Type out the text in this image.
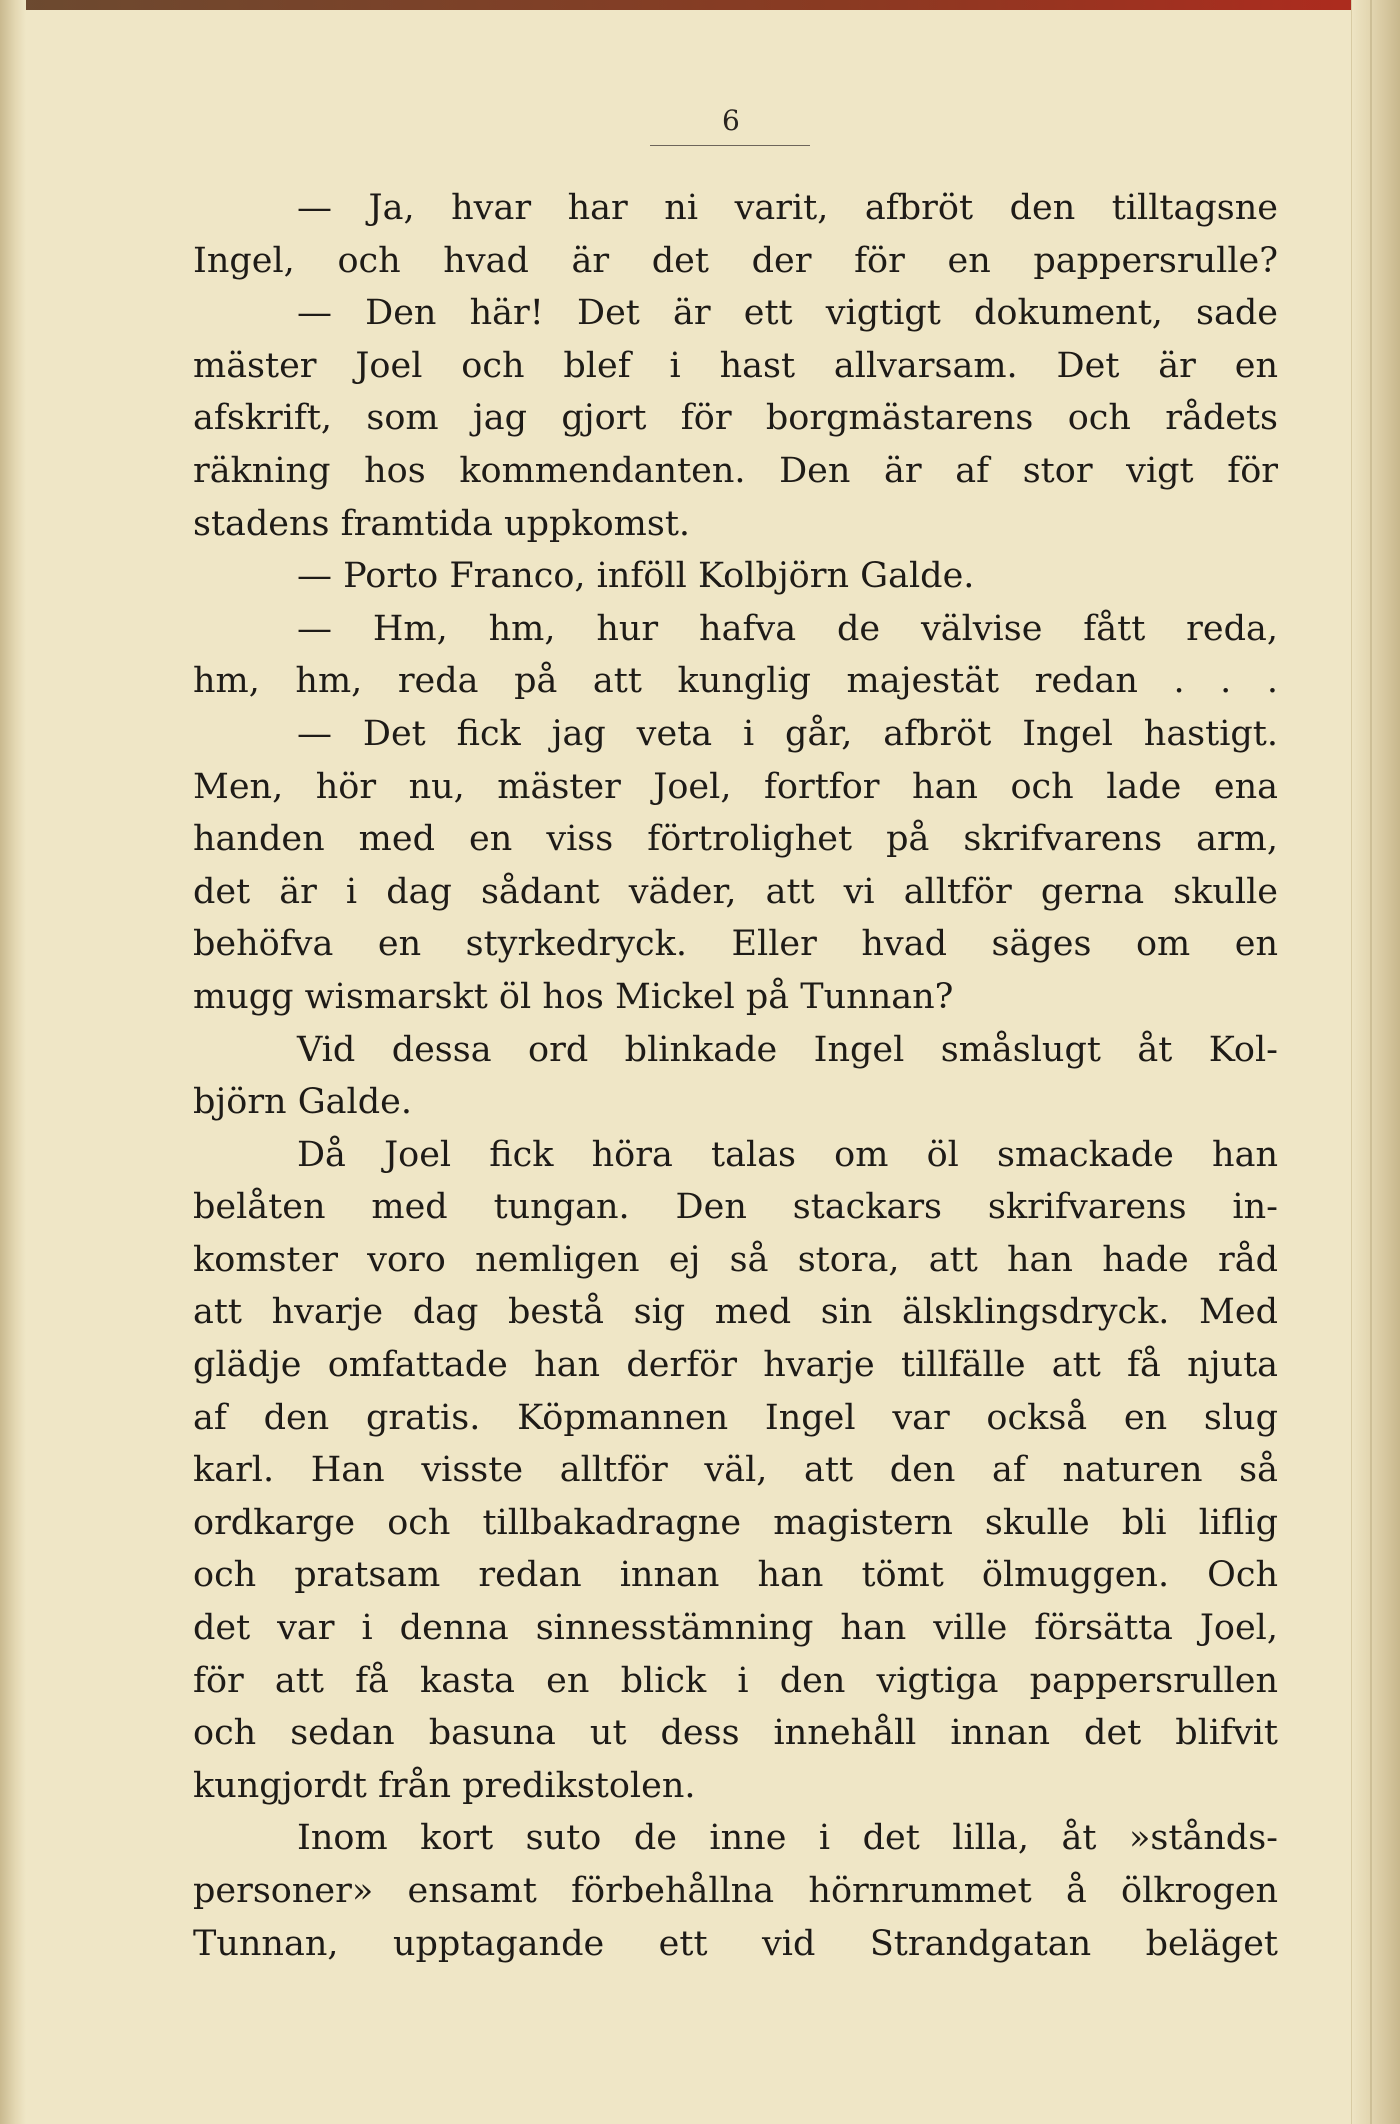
6
— Ja, hvar har ni varit, afbröt den tilltagsne
Ingel, och hvad är det der för en pappersrulle?
— Den här! Det är ett vigtigt dokument, sade
mäster Joel och blef i hast allvarsam. Det är en
afskrift, som jag gjort för borgmästarens och rådets
räkning hos kommendanten. Den är af stor vigt för
stadens framtida uppkomst.
— Porto Franco, inföll Kolbjörn Galde.
— Hm, hm, hur hafva de välvise fått reda,
hm, hm, reda på att kunglig majestät redan . . .
— Det fick jag veta i går, afbröt Ingel hastigt.
Men, hör nu, mäster Joel, fortfor han och lade ena
handen med en viss förtrolighet på skrifvarens arm,
det är i dag sådant väder, att vi alltför gerna skulle
behöfva en styrkedryck. Eller hvad säges om en
mugg wismarskt öl hos Mickel på Tunnan?
Vid dessa ord blinkade Ingel småslugt åt Kol-
björn Galde.
Då Joel fick höra talas om öl smackade han
belåten med tungan. Den stackars skrifvarens in-
komster voro nemligen ej så stora, att han hade råd
att hvarje dag bestå sig med sin älsklingsdryck. Med
glädje omfattade han derför hvarje tillfälle att få njuta
af den gratis. Köpmannen Ingel var också en slug
karl. Han visste alltför väl, att den af naturen så
ordkarge och tillbakadragne magistern skulle bli liflig
och pratsam redan innan han tömt ölmuggen. Och
det var i denna sinnesstämning han ville försätta Joel,
för att få kasta en blick i den vigtiga pappersrullen
och sedan basuna ut dess innehåll innan det blifvit
kungjordt från predikstolen.
Inom kort suto de inne i det lilla, åt »stånds-
personer» ensamt förbehållna hörnrummet å ölkrogen
Tunnan, upptagande ett vid Strandgatan beläget
